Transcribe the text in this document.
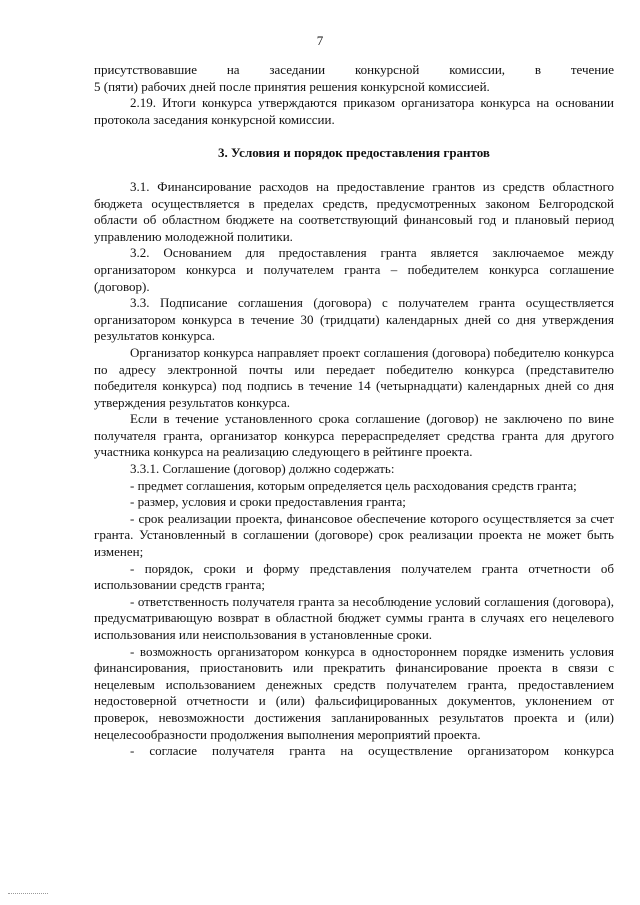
7

присутствовавшие на заседании конкурсной комиссии, в течение

5 (пяти) рабочих дней после принятия решения конкурсной комиссией.

2.19. Итоги конкурса утверждаются приказом организатора конкурса на основании протокола заседания конкурсной комиссии.

3. Условия и порядок предоставления грантов

3.1. Финансирование расходов на предоставление грантов из средств областного бюджета осуществляется в пределах средств, предусмотренных законом Белгородской области об областном бюджете на соответствующий финансовый год и плановый период управлению молодежной политики.

3.2. Основанием для предоставления гранта является заключаемое между организатором конкурса и получателем гранта – победителем конкурса соглашение (договор).

3.3. Подписание соглашения (договора) с получателем гранта осуществляется организатором конкурса в течение 30 (тридцати) календарных дней со дня утверждения результатов конкурса.

Организатор конкурса направляет проект соглашения (договора) победителю конкурса по адресу электронной почты или передает победителю конкурса (представителю победителя конкурса) под подпись в течение 14 (четырнадцати) календарных дней со дня утверждения результатов конкурса.

Если в течение установленного срока соглашение (договор) не заключено по вине получателя гранта, организатор конкурса перераспределяет средства гранта для другого участника конкурса на реализацию следующего в рейтинге проекта.

3.3.1. Соглашение (договор) должно содержать:

- предмет соглашения, которым определяется цель расходования средств гранта;

- размер, условия и сроки предоставления гранта;

- срок реализации проекта, финансовое обеспечение которого осуществляется за счет гранта. Установленный в соглашении (договоре) срок реализации проекта не может быть изменен;

- порядок, сроки и форму представления получателем гранта отчетности об использовании средств гранта;

- ответственность получателя гранта за несоблюдение условий соглашения (договора), предусматривающую возврат в областной бюджет суммы гранта в случаях его нецелевого использования или неиспользования в установленные сроки.

- возможность организатором конкурса в одностороннем порядке изменить условия финансирования, приостановить или прекратить финансирование проекта в связи с нецелевым использованием денежных средств получателем гранта, предоставлением недостоверной отчетности и (или) фальсифицированных документов, уклонением от проверок, невозможности достижения запланированных результатов проекта и (или) нецелесообразности продолжения выполнения мероприятий проекта.

- согласие получателя гранта на осуществление организатором конкурса
